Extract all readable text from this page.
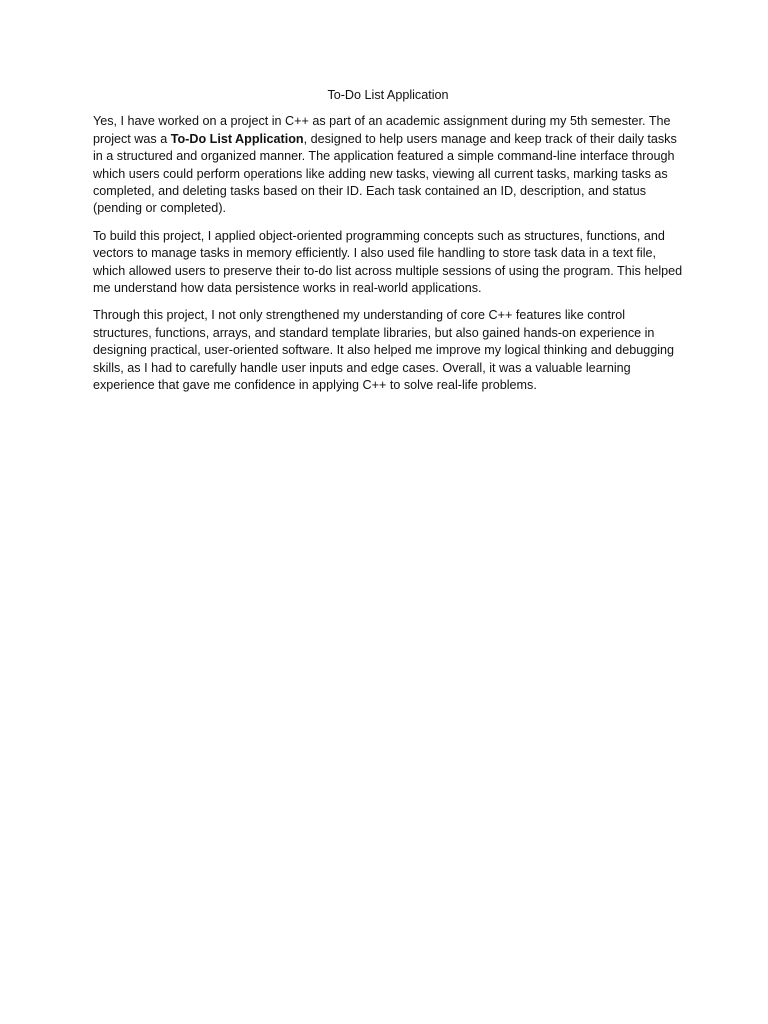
To-Do List Application

Yes, I have worked on a project in C++ as part of an academic assignment during my 5th semester. The project was a To-Do List Application, designed to help users manage and keep track of their daily tasks in a structured and organized manner. The application featured a simple command-line interface through which users could perform operations like adding new tasks, viewing all current tasks, marking tasks as completed, and deleting tasks based on their ID. Each task contained an ID, description, and status (pending or completed).

To build this project, I applied object-oriented programming concepts such as structures, functions, and vectors to manage tasks in memory efficiently. I also used file handling to store task data in a text file, which allowed users to preserve their to-do list across multiple sessions of using the program. This helped me understand how data persistence works in real-world applications.

Through this project, I not only strengthened my understanding of core C++ features like control structures, functions, arrays, and standard template libraries, but also gained hands-on experience in designing practical, user-oriented software. It also helped me improve my logical thinking and debugging skills, as I had to carefully handle user inputs and edge cases. Overall, it was a valuable learning experience that gave me confidence in applying C++ to solve real-life problems.
